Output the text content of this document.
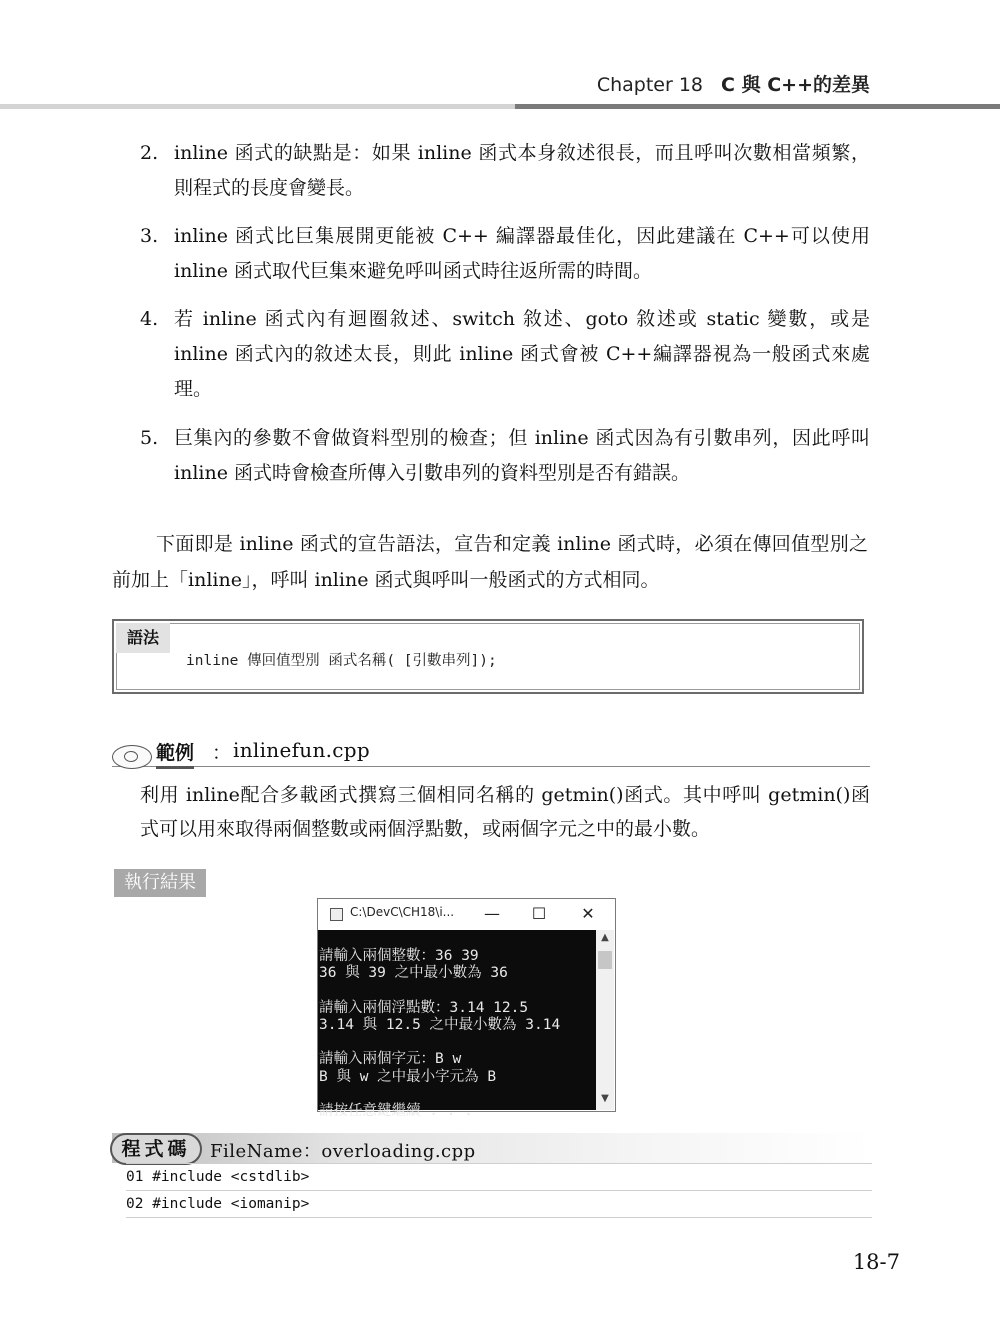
Chapter 18 C 與 C++的差異
2. inline 函式的缺點是：如果 inline 函式本身敘述很長，而且呼叫次數相當頻繁，則程式的長度會變長。
3. inline 函式比巨集展開更能被 C++ 編譯器最佳化，因此建議在 C++可以使用 inline 函式取代巨集來避免呼叫函式時往返所需的時間。
4. 若 inline 函式內有迴圈敘述、switch 敘述、goto 敘述或 static 變數，或是 inline 函式內的敘述太長，則此 inline 函式會被 C++編譯器視為一般函式來處理。
5. 巨集內的參數不會做資料型別的檢查；但 inline 函式因為有引數串列，因此呼叫 inline 函式時會檢查所傳入引數串列的資料型別是否有錯誤。
下面即是 inline 函式的宣告語法，宣告和定義 inline 函式時，必須在傳回值型別之前加上「inline」，呼叫 inline 函式與呼叫一般函式的方式相同。
語法
inline 傳回值型別 函式名稱( [引數串列]);
範例 ： inlinefun.cpp
利用 inline配合多載函式撰寫三個相同名稱的 getmin()函式。其中呼叫 getmin()函式可以用來取得兩個整數或兩個浮點數，或兩個字元之中的最小數。
執行結果
C:\DevC\CH18\i...	—	☐	✕

請輸入兩個整數：36 39
36 與 39 之中最小數為 36
請輸入兩個浮點數：3.14 12.5
3.14 與 12.5 之中最小數為 3.14
請輸入兩個字元：B w
B 與 w 之中最小字元為 B
請按任意鍵繼續 . . .

▲
▼
程式碼	FileName：overloading.cpp
01 #include <cstdlib>
02 #include <iomanip>
18-7
